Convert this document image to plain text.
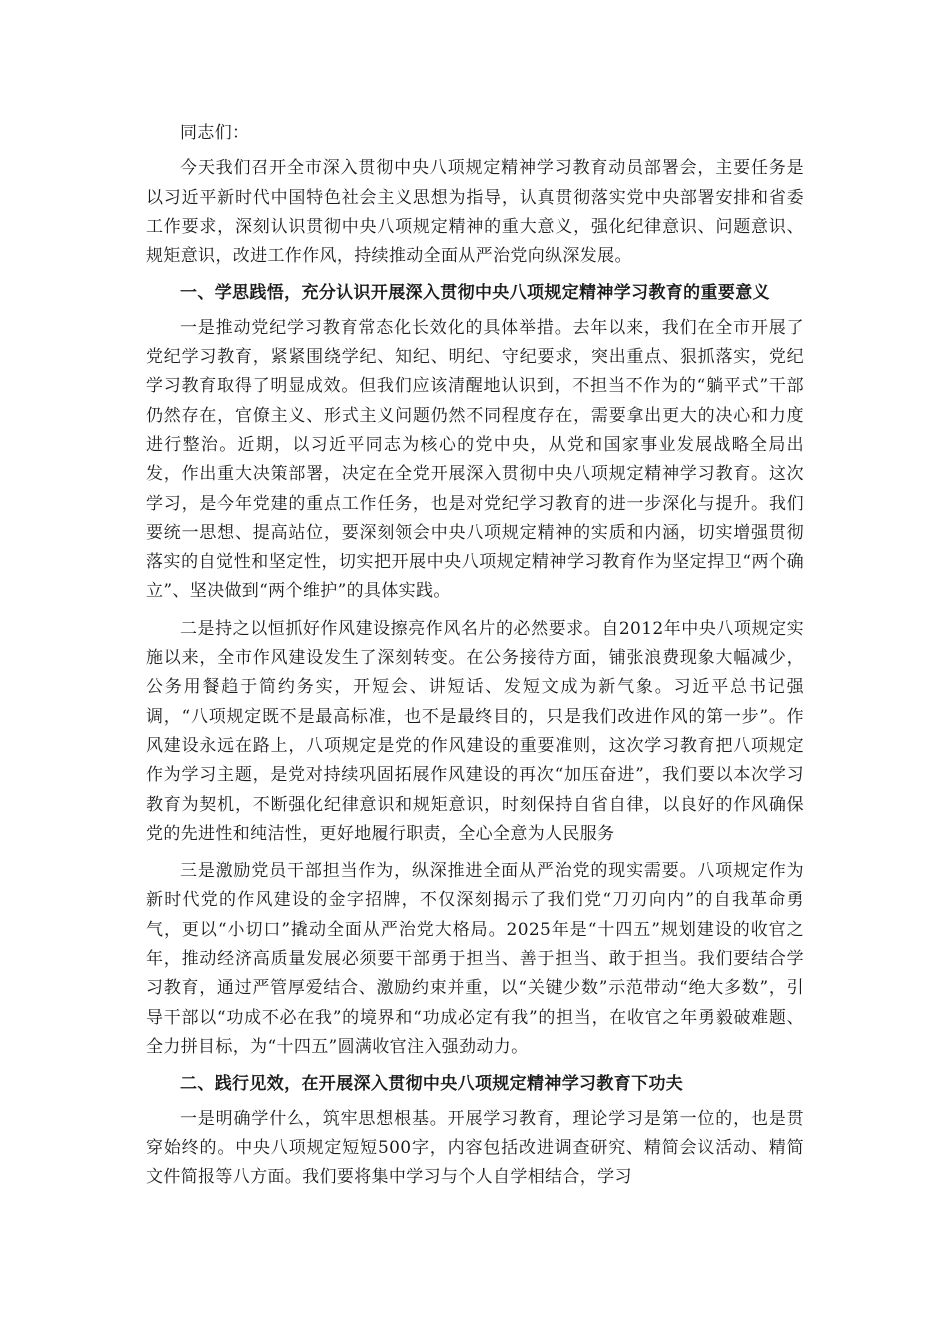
同志们：

今天我们召开全市深入贯彻中央八项规定精神学习教育动员部署会，主要任务是以习近平新时代中国特色社会主义思想为指导，认真贯彻落实党中央部署安排和省委工作要求，深刻认识贯彻中央八项规定精神的重大意义，强化纪律意识、问题意识、规矩意识，改进工作作风，持续推动全面从严治党向纵深发展。

一、学思践悟，充分认识开展深入贯彻中央八项规定精神学习教育的重要意义

一是推动党纪学习教育常态化长效化的具体举措。去年以来，我们在全市开展了党纪学习教育，紧紧围绕学纪、知纪、明纪、守纪要求，突出重点、狠抓落实，党纪学习教育取得了明显成效。但我们应该清醒地认识到，不担当不作为的“躺平式”干部仍然存在，官僚主义、形式主义问题仍然不同程度存在，需要拿出更大的决心和力度进行整治。近期，以习近平同志为核心的党中央，从党和国家事业发展战略全局出发，作出重大决策部署，决定在全党开展深入贯彻中央八项规定精神学习教育。这次学习，是今年党建的重点工作任务，也是对党纪学习教育的进一步深化与提升。我们要统一思想、提高站位，要深刻领会中央八项规定精神的实质和内涵，切实增强贯彻落实的自觉性和坚定性，切实把开展中央八项规定精神学习教育作为坚定捍卫“两个确立”、坚决做到“两个维护”的具体实践。

二是持之以恒抓好作风建设擦亮作风名片的必然要求。自2012年中央八项规定实施以来，全市作风建设发生了深刻转变。在公务接待方面，铺张浪费现象大幅减少，公务用餐趋于简约务实，开短会、讲短话、发短文成为新气象。习近平总书记强调，“八项规定既不是最高标准，也不是最终目的，只是我们改进作风的第一步”。作风建设永远在路上，八项规定是党的作风建设的重要准则，这次学习教育把八项规定作为学习主题，是党对持续巩固拓展作风建设的再次“加压奋进”，我们要以本次学习教育为契机，不断强化纪律意识和规矩意识，时刻保持自省自律，以良好的作风确保党的先进性和纯洁性，更好地履行职责，全心全意为人民服务

三是激励党员干部担当作为，纵深推进全面从严治党的现实需要。八项规定作为新时代党的作风建设的金字招牌，不仅深刻揭示了我们党“刀刃向内”的自我革命勇气，更以“小切口”撬动全面从严治党大格局。2025年是“十四五”规划建设的收官之年，推动经济高质量发展必须要干部勇于担当、善于担当、敢于担当。我们要结合学习教育，通过严管厚爱结合、激励约束并重，以“关键少数”示范带动“绝大多数”，引导干部以“功成不必在我”的境界和“功成必定有我”的担当，在收官之年勇毅破难题、全力拼目标，为“十四五”圆满收官注入强劲动力。

二、践行见效，在开展深入贯彻中央八项规定精神学习教育下功夫

一是明确学什么，筑牢思想根基。开展学习教育，理论学习是第一位的，也是贯穿始终的。中央八项规定短短500字，内容包括改进调查研究、精简会议活动、精简文件简报等八方面。我们要将集中学习与个人自学相结合，学习
